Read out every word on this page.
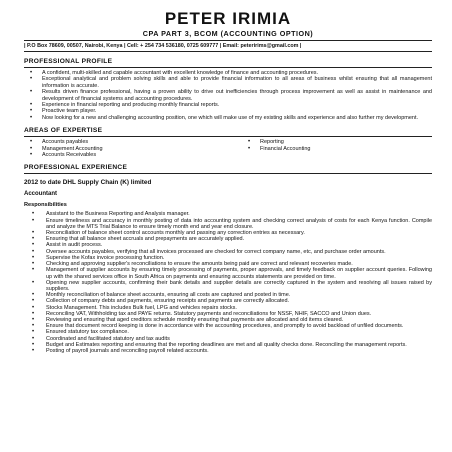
PETER IRIMIA
CPA PART 3, BCOM (ACCOUNTING OPTION)
| P.O Box 78609, 00507, Nairobi, Kenya | Cell: + 254 734 536180, 0725 609777 | Email: peteririms@gmail.com |
PROFESSIONAL PROFILE
• A confident, multi-skilled and capable accountant with excellent knowledge of finance and accounting procedures.
• Exceptional analytical and problem solving skills and able to provide financial information to all areas of business whilst ensuring that all management information is accurate.
• Results driven finance professional, having a proven ability to drive out inefficiencies through process improvement as well as assist in maintenance and development of financial systems and accounting procedures.
• Experience in financial reporting and producing monthly financial reports.
• Proactive team player.
• Now looking for a new and challenging accounting position, one which will make use of my existing skills and experience and also further my development.
AREAS OF EXPERTISE
• Accounts payables
• Management Accounting
• Accounts Receivables
• Reporting
• Financial Accounting
PROFESSIONAL EXPERIENCE
2012 to date DHL Supply Chain (K) limited
Accountant
Responsibilities
• Assistant to the Business Reporting and Analysis manager.
• Ensure timeliness and accuracy in monthly posting of data into accounting system and checking correct analysis of costs for each Kenya function. Compile and analyze the MTS Trial Balance to ensure timely month end and year end closure.
• Reconciliation of balance sheet control accounts monthly and passing any correction entries as necessary.
• Ensuring that all balance sheet accruals and prepayments are accurately applied.
• Assist in audit process.
• Oversee accounts payables, verifying that all invoices processed are checked for correct company name, etc, and purchase order amounts.
• Supervise the Kofax invoice processing function.
• Checking and approving supplier's reconciliations to ensure the amounts being paid are correct and relevant recoveries made.
• Management of supplier accounts by ensuring timely processing of payments, proper approvals, and timely feedback on supplier account queries. Following up with the shared services office in South Africa on payments and ensuring accounts statements are provided on time.
• Opening new supplier accounts, confirming their bank details and supplier details are correctly captured in the system and resolving all issues raised by suppliers.
• Monthly reconciliation of balance sheet accounts, ensuring all costs are captured and posted in time.
• Collection of company debts and payments, ensuring receipts and payments are correctly allocated.
• Stocks Management. This includes Bulk fuel, LPG and vehicles repairs stocks.
• Reconciling VAT, Withholding tax and PAYE returns. Statutory payments and reconciliations for NSSF, NHIF, SACCO and Union dues.
• Reviewing and ensuring that aged creditors schedule monthly ensuring that payments are allocated and old items cleared.
• Ensure that document record keeping is done in accordance with the accounting procedures, and promptly to avoid backload of unfiled documents.
• Ensured statutory tax compliance.
• Coordinated and facilitated statutory and tax audits
• Budget and Estimates reporting and ensuring that the reporting deadlines are met and all quality checks done. Reconciling the management reports.
• Posting of payroll journals and reconciling payroll related accounts.
